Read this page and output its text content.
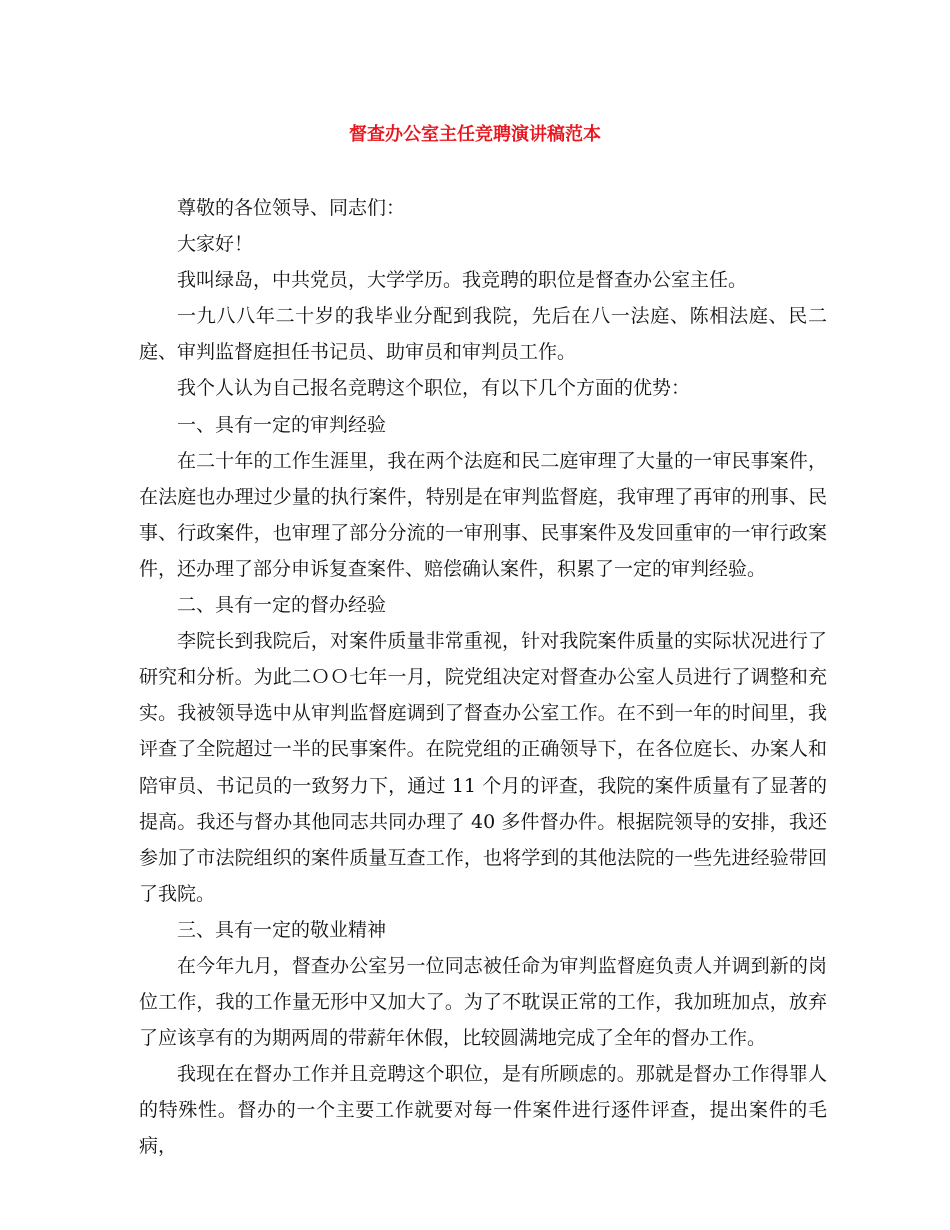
督查办公室主任竞聘演讲稿范本

尊敬的各位领导、同志们：

大家好！

我叫绿岛，中共党员，大学学历。我竞聘的职位是督查办公室主任。

一九八八年二十岁的我毕业分配到我院，先后在八一法庭、陈相法庭、民二庭、审判监督庭担任书记员、助审员和审判员工作。

我个人认为自己报名竞聘这个职位，有以下几个方面的优势：

一、具有一定的审判经验

在二十年的工作生涯里，我在两个法庭和民二庭审理了大量的一审民事案件，在法庭也办理过少量的执行案件，特别是在审判监督庭，我审理了再审的刑事、民事、行政案件，也审理了部分分流的一审刑事、民事案件及发回重审的一审行政案件，还办理了部分申诉复查案件、赔偿确认案件，积累了一定的审判经验。

二、具有一定的督办经验

李院长到我院后，对案件质量非常重视，针对我院案件质量的实际状况进行了研究和分析。为此二ＯＯ七年一月，院党组决定对督查办公室人员进行了调整和充实。我被领导选中从审判监督庭调到了督查办公室工作。在不到一年的时间里，我评查了全院超过一半的民事案件。在院党组的正确领导下，在各位庭长、办案人和陪审员、书记员的一致努力下，通过 11 个月的评查，我院的案件质量有了显著的提高。我还与督办其他同志共同办理了 40 多件督办件。根据院领导的安排，我还参加了市法院组织的案件质量互查工作，也将学到的其他法院的一些先进经验带回了我院。

三、具有一定的敬业精神

在今年九月，督查办公室另一位同志被任命为审判监督庭负责人并调到新的岗位工作，我的工作量无形中又加大了。为了不耽误正常的工作，我加班加点，放弃了应该享有的为期两周的带薪年休假，比较圆满地完成了全年的督办工作。

我现在在督办工作并且竞聘这个职位，是有所顾虑的。那就是督办工作得罪人的特殊性。督办的一个主要工作就要对每一件案件进行逐件评查，提出案件的毛病，
